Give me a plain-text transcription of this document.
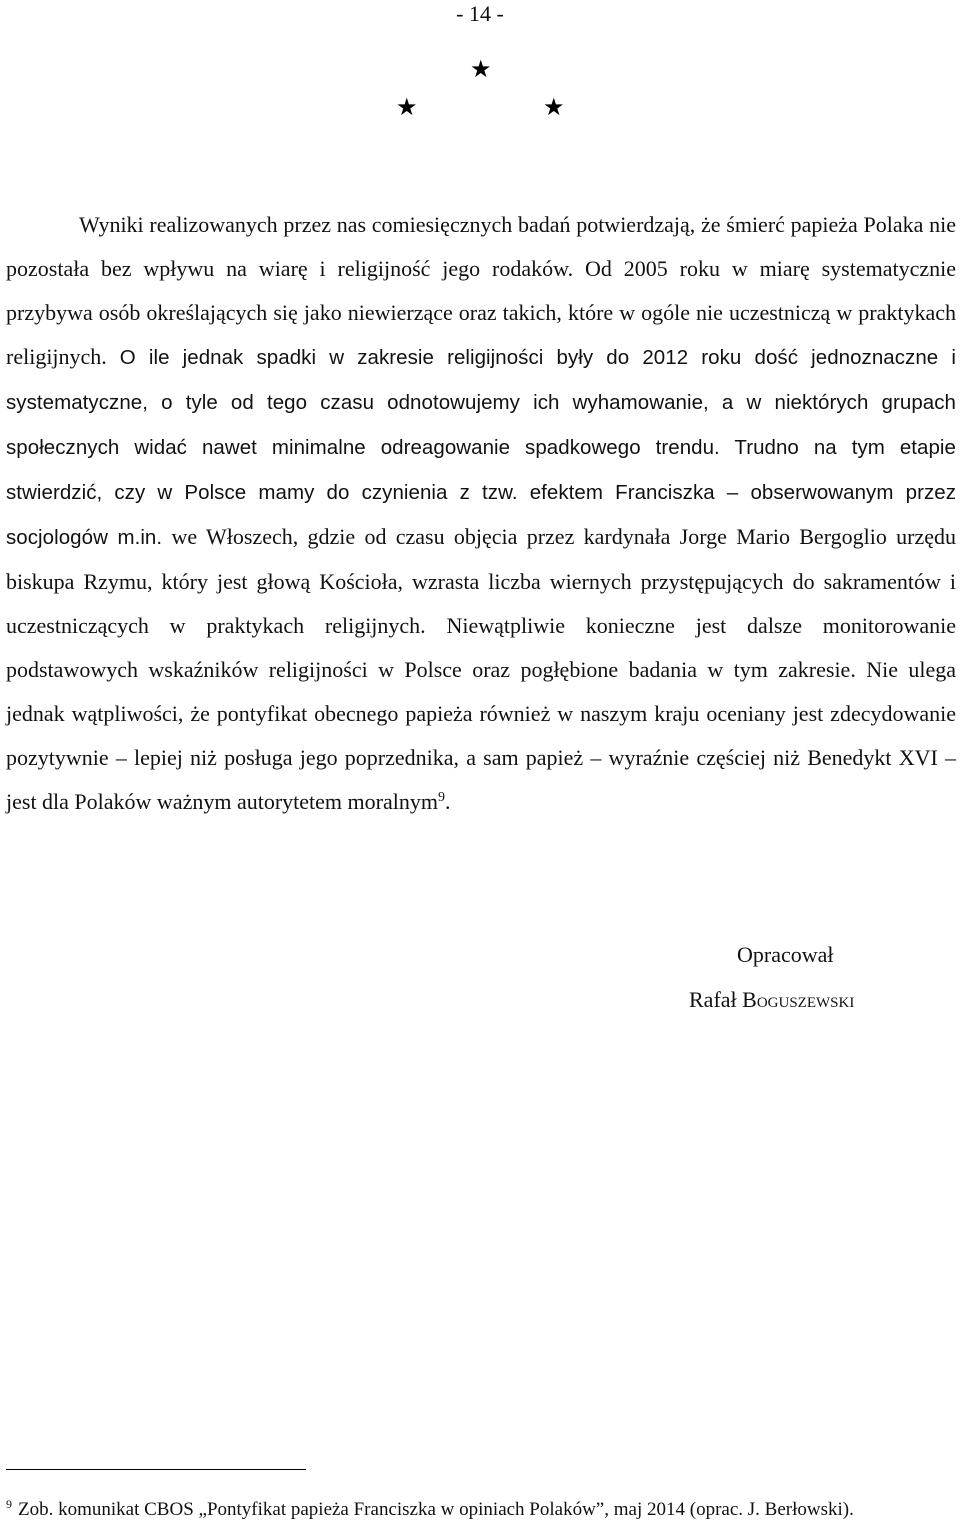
- 14 -
★
★	★

Wyniki realizowanych przez nas comiesięcznych badań potwierdzają, że śmierć papieża Polaka nie pozostała bez wpływu na wiarę i religijność jego rodaków. Od 2005 roku w miarę systematycznie przybywa osób określających się jako niewierzące oraz takich, które w ogóle nie uczestniczą w praktykach religijnych. O ile jednak spadki w zakresie religijności były do 2012 roku dość jednoznaczne i systematyczne, o tyle od tego czasu odnotowujemy ich wyhamowanie, a w niektórych grupach społecznych widać nawet minimalne odreagowanie spadkowego trendu. Trudno na tym etapie stwierdzić, czy w Polsce mamy do czynienia z tzw. efektem Franciszka – obserwowanym przez socjologów m.in. we Włoszech, gdzie od czasu objęcia przez kardynała Jorge Mario Bergoglio urzędu biskupa Rzymu, który jest głową Kościoła, wzrasta liczba wiernych przystępujących do sakramentów i uczestniczących w praktykach religijnych. Niewątpliwie konieczne jest dalsze monitorowanie podstawowych wskaźników religijności w Polsce oraz pogłębione badania w tym zakresie. Nie ulega jednak wątpliwości, że pontyfikat obecnego papieża również w naszym kraju oceniany jest zdecydowanie pozytywnie – lepiej niż posługa jego poprzednika, a sam papież – wyraźnie częściej niż Benedykt XVI – jest dla Polaków ważnym autorytetem moralnym$^9$.

Opracował
Rafał Boguszewski
$^9$ Zob. komunikat CBOS „Pontyfikat papieża Franciszka w opiniach Polaków”, maj 2014 (oprac. J. Berłowski).
